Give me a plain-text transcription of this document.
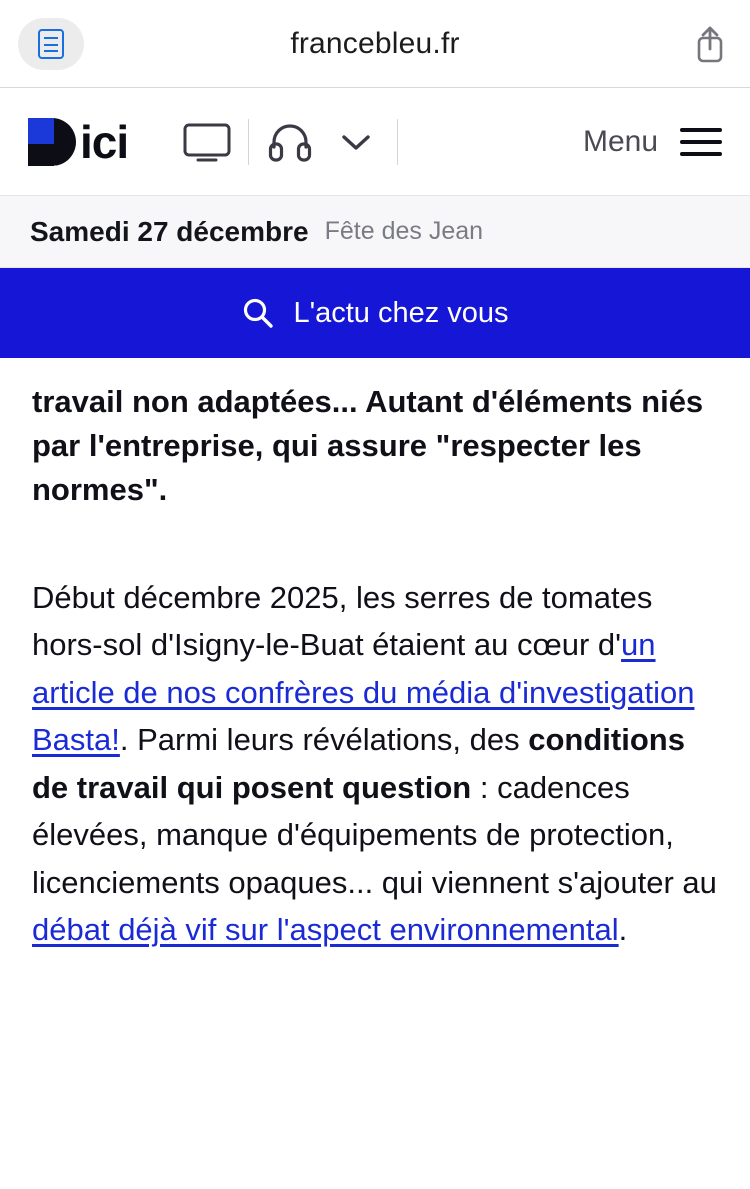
francebleu.fr
ici	Menu
Samedi 27 décembre Fête des Jean
L'actu chez vous

travail non adaptées... Autant d'éléments niés par l'entreprise, qui assure "respecter les normes".

Début décembre 2025, les serres de tomates hors-sol d'Isigny-le-Buat étaient au cœur d'un article de nos confrères du média d'investigation Basta!. Parmi leurs révélations, des conditions de travail qui posent question : cadences élevées, manque d'équipements de protection, licenciements opaques... qui viennent s'ajouter au débat déjà vif sur l'aspect environnemental.
